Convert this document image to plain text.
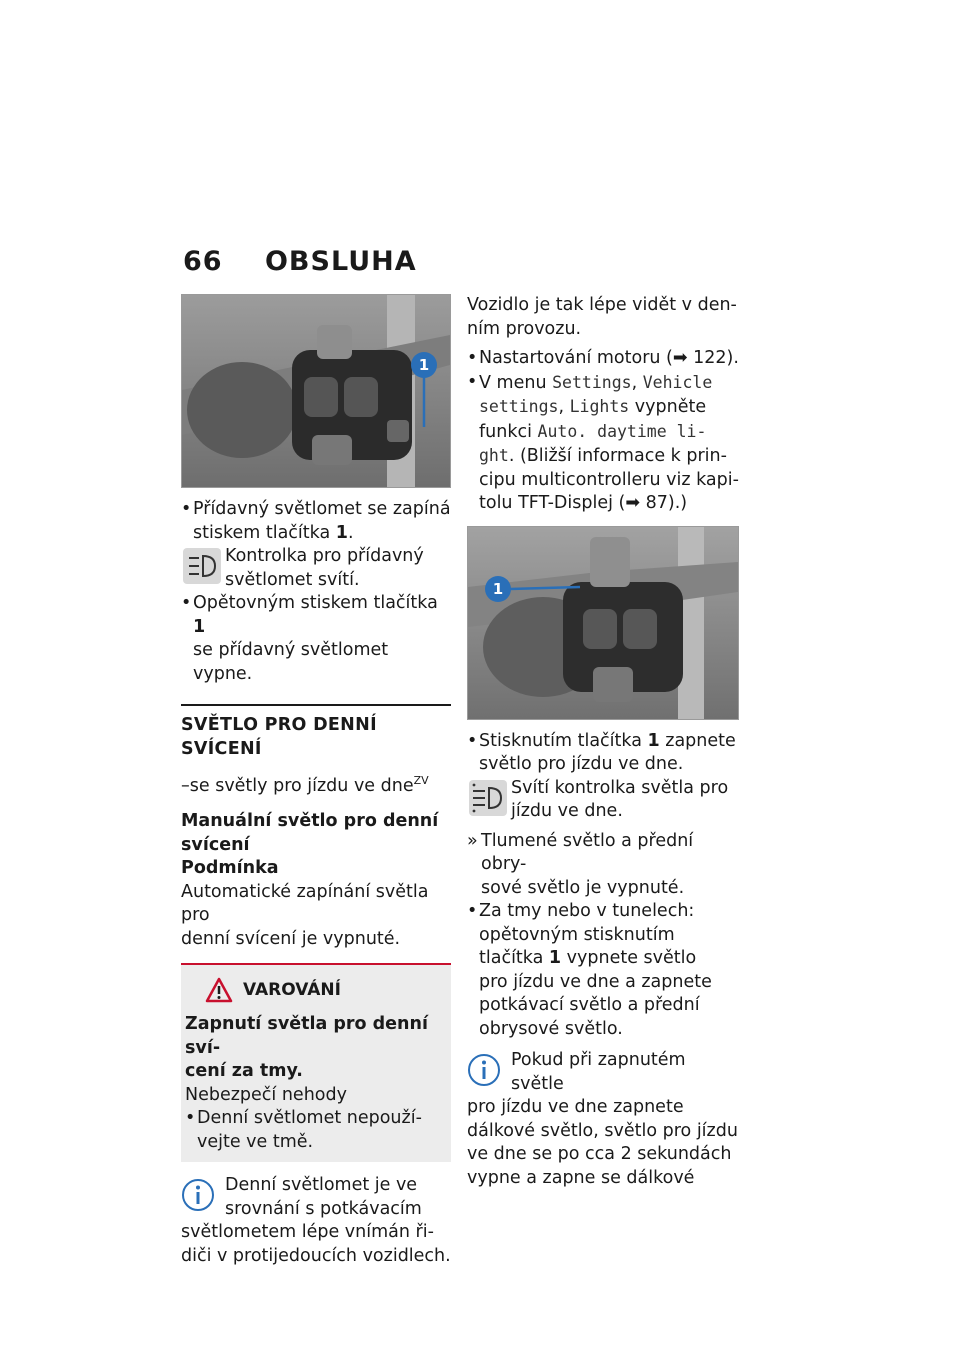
66 OBSLUHA
1

• Přídavný světlomet se zapíná
stiskem tlačítka 1.

Kontrolka pro přídavný
světlomet svítí.

• Opětovným stiskem tlačítka 1
se přídavný světlomet vypne.

SVĚTLO PRO DENNÍ SVÍCENÍ

–se světly pro jízdu ve dne$^{ZV}$

Manuální světlo pro denní
svícení

Podmínka

Automatické zapínání světla pro
denní svícení je vypnuté.

VAROVÁNÍ

Zapnutí světla pro denní sví-
cení za tmy.

Nebezpečí nehody

• Denní světlomet nepouží-
vejte ve tmě.

Denní světlomet je ve
srovnání s potkávacím
světlometem lépe vnímán ři-
diči v protijedoucích vozidlech.

Vozidlo je tak lépe vidět v den-
ním provozu.

• Nastartování motoru (➡ 122).

• V menu Settings, Vehicle
settings, Lights vypněte
funkci Auto. daytime li-
ght. (Bližší informace k prin-
cipu multicontrolleru viz kapi-
tolu TFT-Displej (➡ 87).)

1

• Stisknutím tlačítka 1 zapnete
světlo pro jízdu ve dne.

Svítí kontrolka světla pro
jízdu ve dne.

» Tlumené světlo a přední obry-
sové světlo je vypnuté.

• Za tmy nebo v tunelech:
opětovným stisknutím
tlačítka 1 vypnete světlo
pro jízdu ve dne a zapnete
potkávací světlo a přední
obrysové světlo.

Pokud při zapnutém světle
pro jízdu ve dne zapnete
dálkové světlo, světlo pro jízdu
ve dne se po cca 2 sekundách
vypne a zapne se dálkové
